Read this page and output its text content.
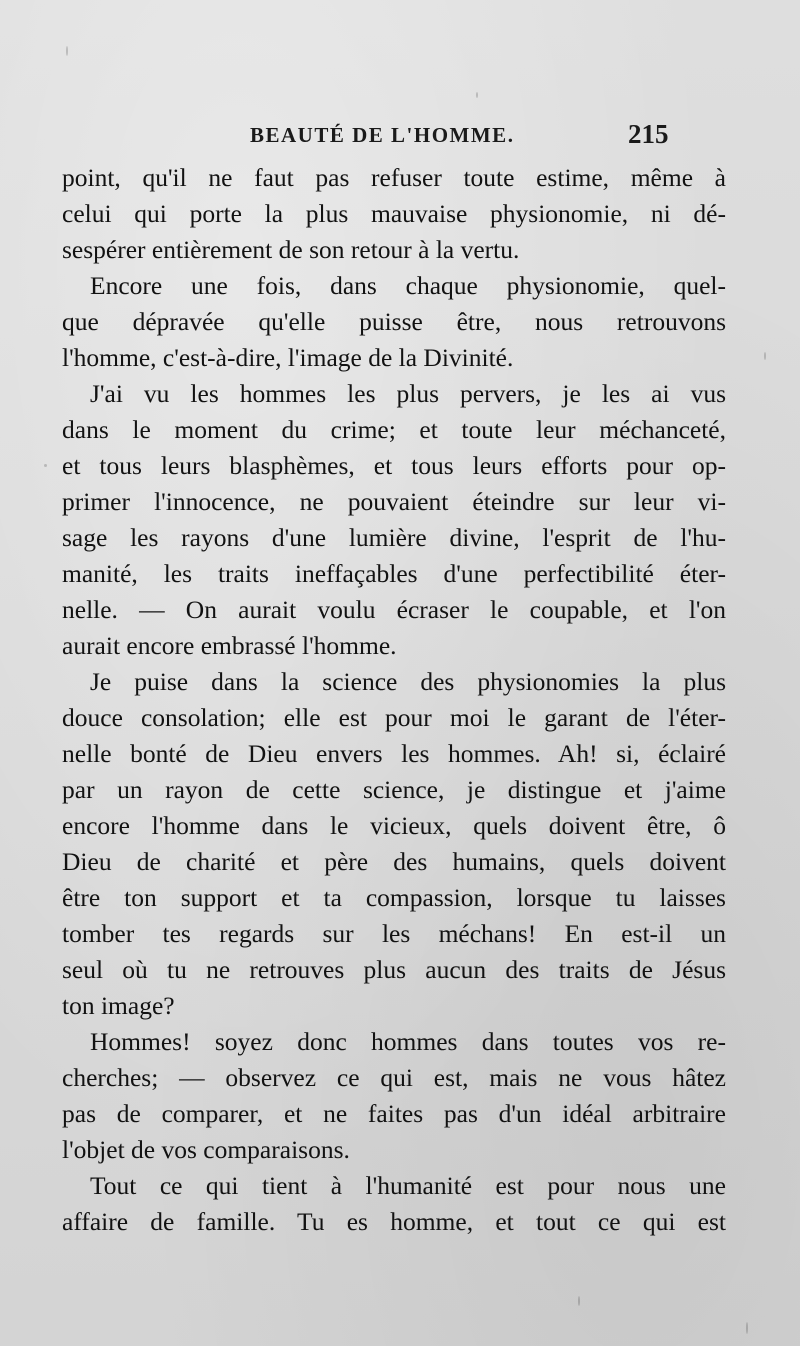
BEAUTÉ DE L'HOMME.	215
point, qu'il ne faut pas refuser toute estime, même à
celui qui porte la plus mauvaise physionomie, ni dé-
sespérer entièrement de son retour à la vertu.
Encore une fois, dans chaque physionomie, quel-
que dépravée qu'elle puisse être, nous retrouvons
l'homme, c'est-à-dire, l'image de la Divinité.
J'ai vu les hommes les plus pervers, je les ai vus
dans le moment du crime; et toute leur méchanceté,
et tous leurs blasphèmes, et tous leurs efforts pour op-
primer l'innocence, ne pouvaient éteindre sur leur vi-
sage les rayons d'une lumière divine, l'esprit de l'hu-
manité, les traits ineffaçables d'une perfectibilité éter-
nelle. — On aurait voulu écraser le coupable, et l'on
aurait encore embrassé l'homme.
Je puise dans la science des physionomies la plus
douce consolation; elle est pour moi le garant de l'éter-
nelle bonté de Dieu envers les hommes. Ah! si, éclairé
par un rayon de cette science, je distingue et j'aime
encore l'homme dans le vicieux, quels doivent être, ô
Dieu de charité et père des humains, quels doivent
être ton support et ta compassion, lorsque tu laisses
tomber tes regards sur les méchans! En est-il un
seul où tu ne retrouves plus aucun des traits de Jésus
ton image?
Hommes! soyez donc hommes dans toutes vos re-
cherches; — observez ce qui est, mais ne vous hâtez
pas de comparer, et ne faites pas d'un idéal arbitraire
l'objet de vos comparaisons.
Tout ce qui tient à l'humanité est pour nous une
affaire de famille. Tu es homme, et tout ce qui est
